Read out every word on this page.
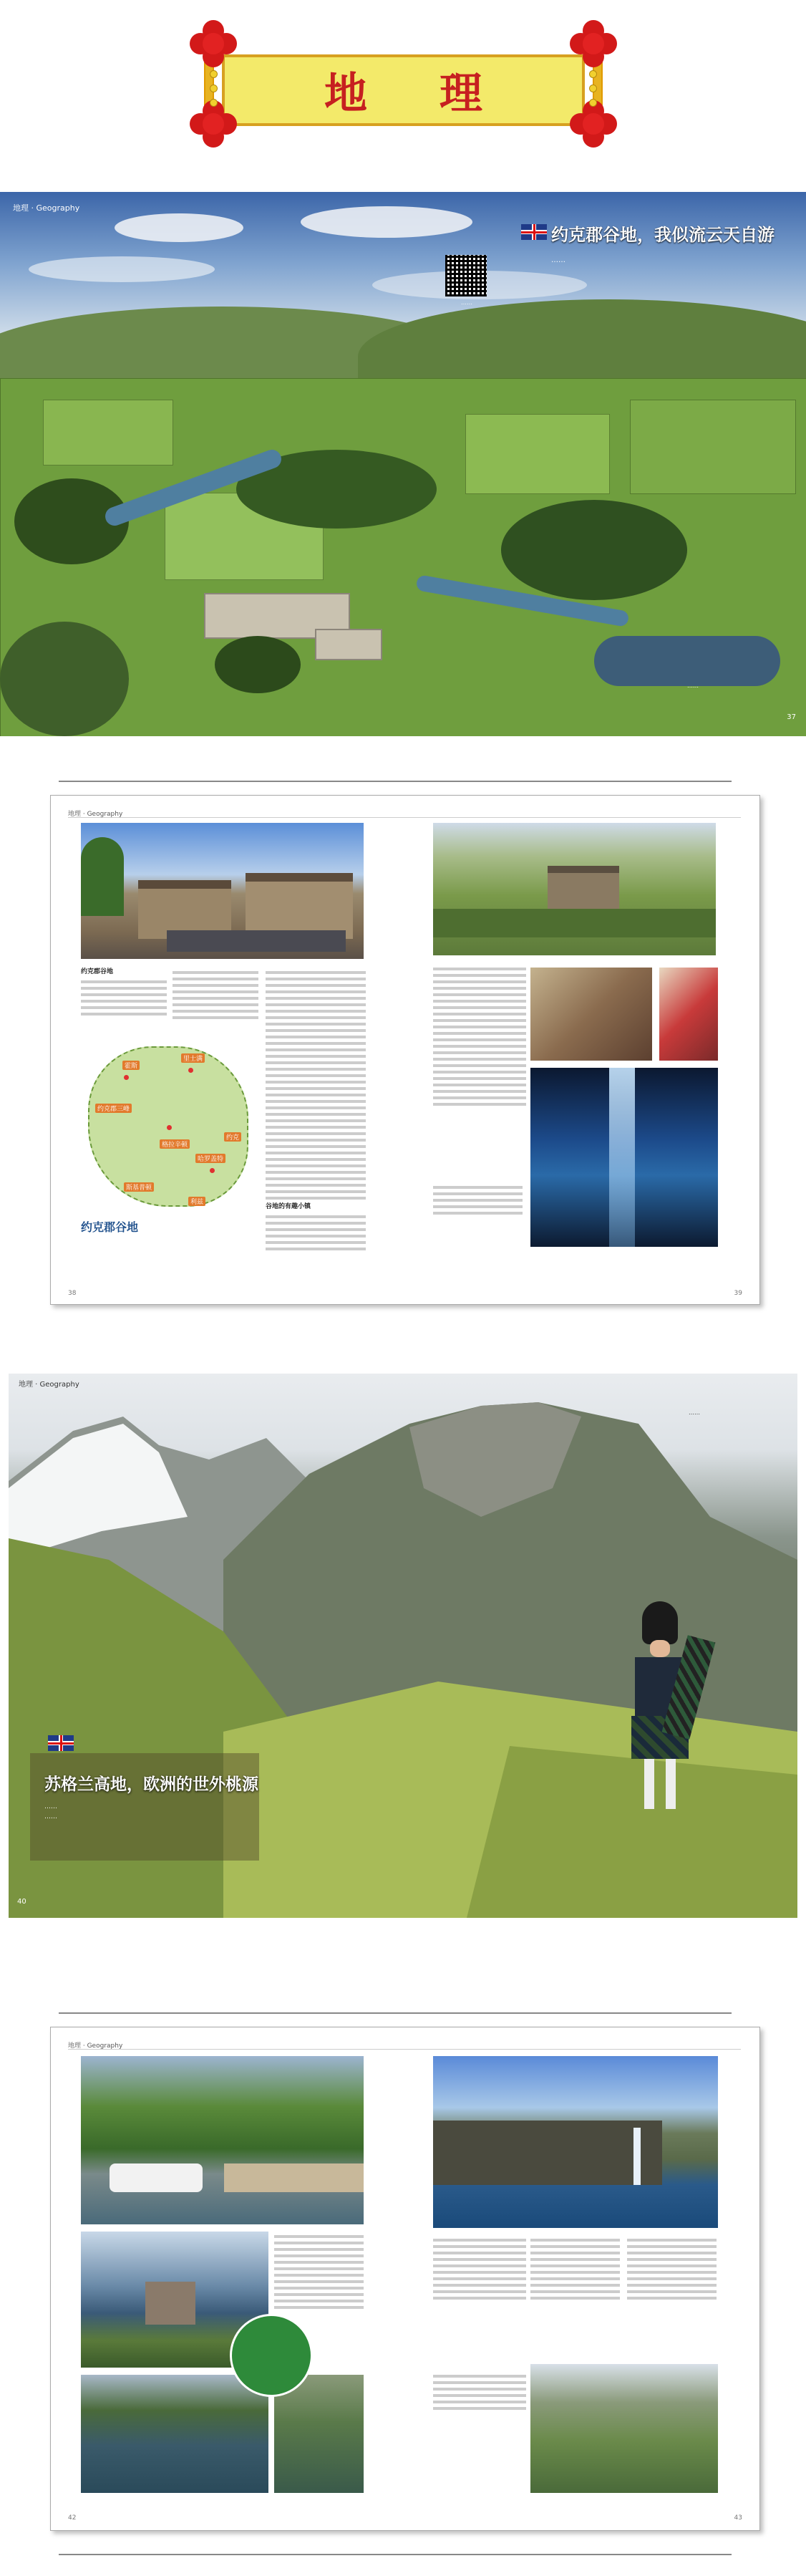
地 理
地理 · Geography
约克郡谷地，我似流云天自游
……
……
……
37
地理 · Geography
约克郡谷地
谷地的有趣小镇
霍斯
里士满
约克郡三峰
格拉辛顿
斯基普顿
哈罗盖特
利兹
约克
约克郡谷地
38	39
地理 · Geography
……
苏格兰高地，欧洲的世外桃源
……
……
40
地理 · Geography
42	43
